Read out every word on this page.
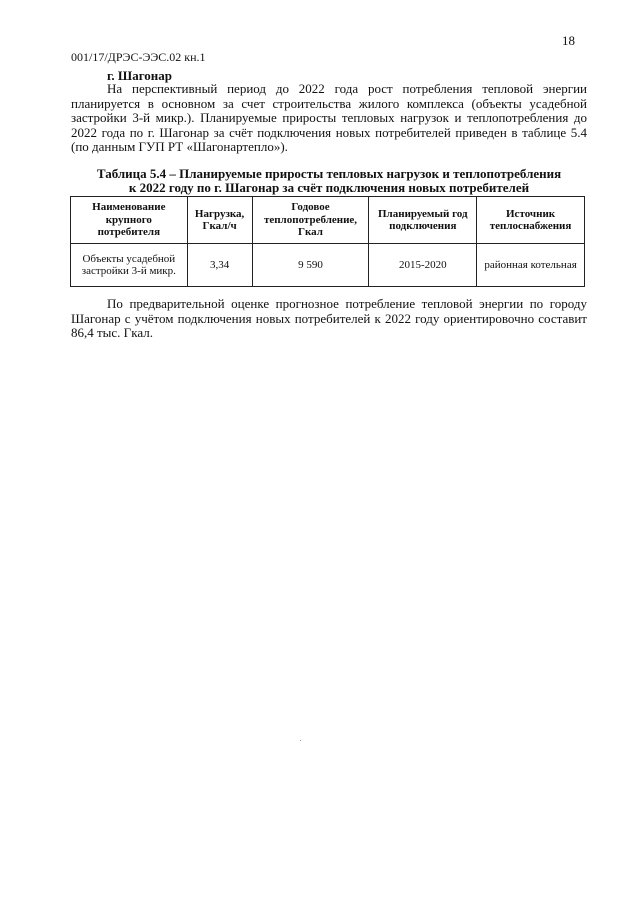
18
001/17/ДРЭС-ЭЭС.02 кн.1
г. Шагонар

На перспективный период до 2022 года рост потребления тепловой энергии планируется в основном за счет строительства жилого комплекса (объекты усадебной застройки 3-й микр.). Планируемые приросты тепловых нагрузок и теплопотребления до 2022 года по г. Шагонар за счёт подключения новых потребителей приведен в таблице 5.4 (по данным ГУП РТ «Шагонартепло»).

Таблица 5.4 – Планируемые приросты тепловых нагрузок и теплопотребления
к 2022 году по г. Шагонар за счёт подключения новых потребителей
Наименование крупного потребителя	Нагрузка, Гкал/ч	Годовое теплопотребление, Гкал	Планируемый год подключения	Источник теплоснабжения
Объекты усадебной застройки 3-й микр.	3,34	9 590	2015-2020	районная котельная

По предварительной оценке прогнозное потребление тепловой энергии по городу Шагонар с учётом подключения новых потребителей к 2022 году ориентировочно составит 86,4 тыс. Гкал.
